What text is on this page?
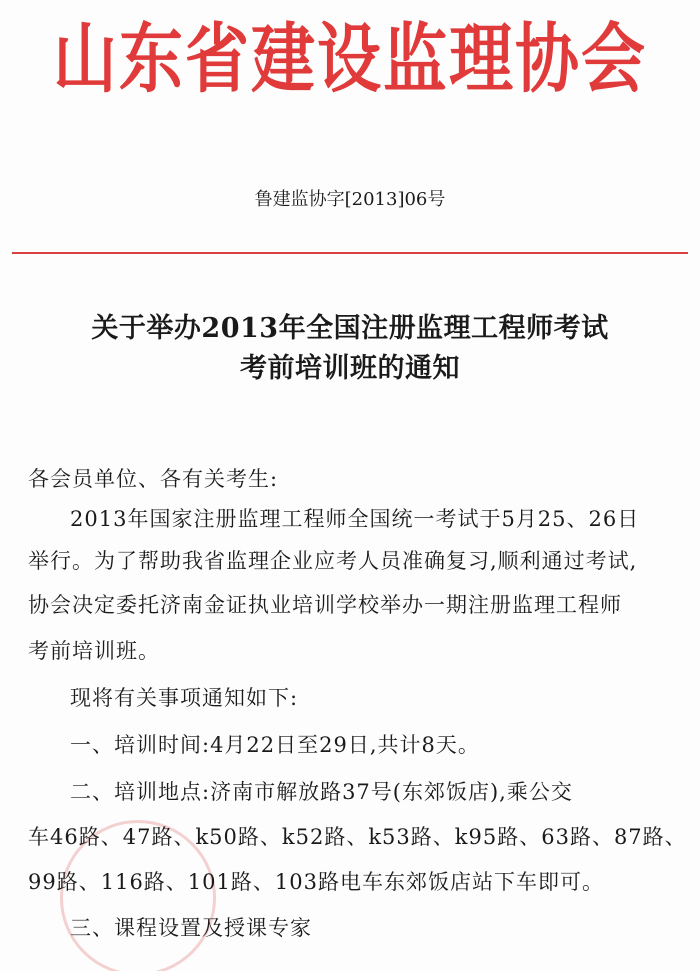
山东省建设监理协会
鲁建监协字[2013]06号
关于举办2013年全国注册监理工程师考试
考前培训班的通知
各会员单位、各有关考生:
2013年国家注册监理工程师全国统一考试于5月25、26日
举行。为了帮助我省监理企业应考人员准确复习,顺利通过考试,
协会决定委托济南金证执业培训学校举办一期注册监理工程师
考前培训班。
现将有关事项通知如下:
一、培训时间:4月22日至29日,共计8天。
二、培训地点:济南市解放路37号(东郊饭店),乘公交
车46路、47路、k50路、k52路、k53路、k95路、63路、87路、
99路、116路、101路、103路电车东郊饭店站下车即可。
三、课程设置及授课专家
